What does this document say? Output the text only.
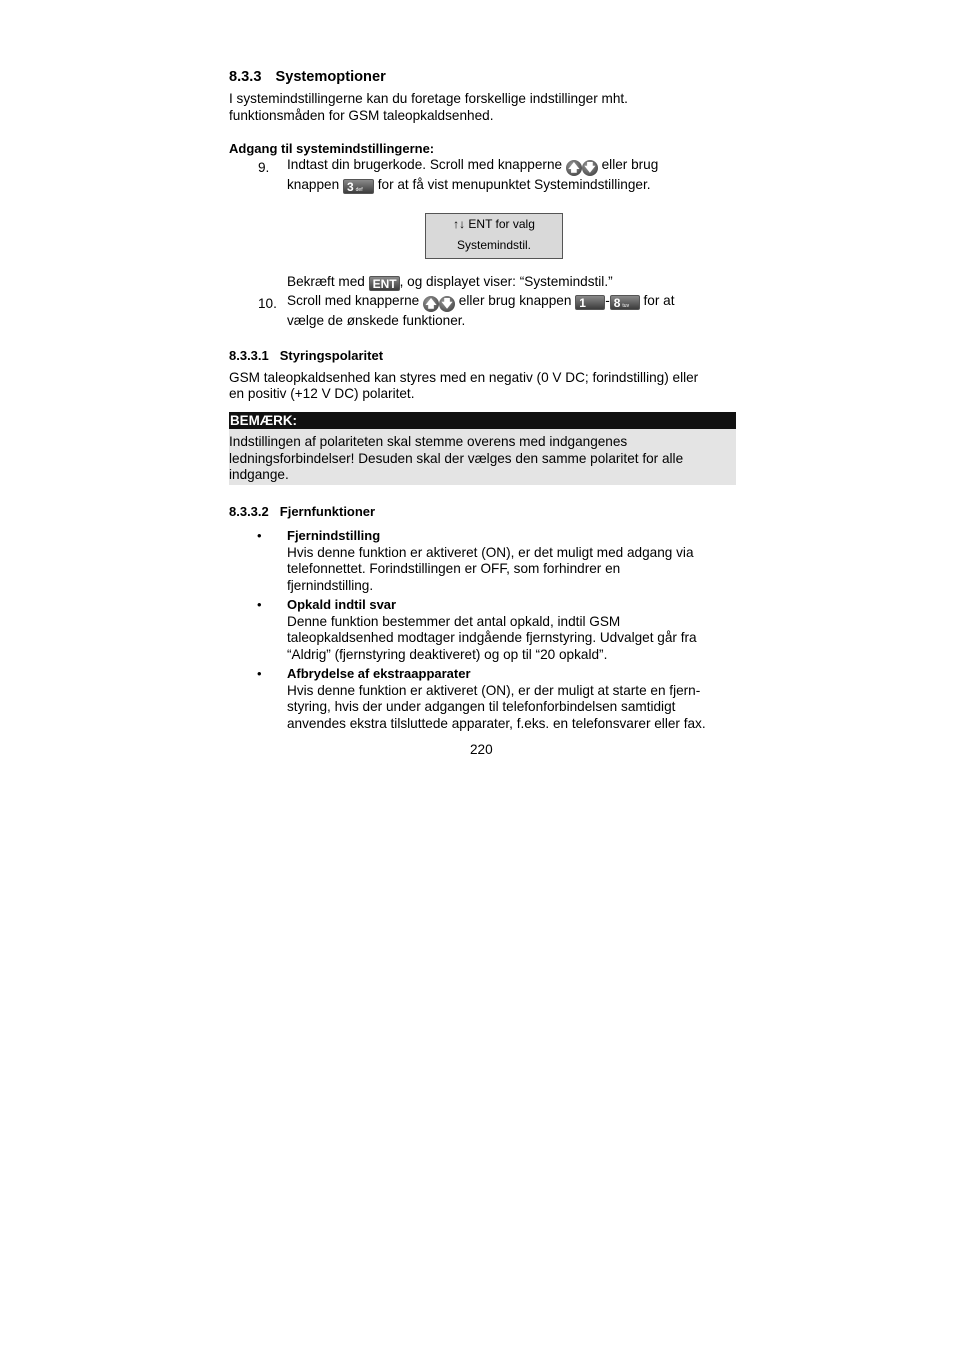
8.3.3 Systemoptioner

I systemindstillingerne kan du foretage forskellige indstillinger mht.

funktionsmåden for GSM taleopkaldsenhed.

Adgang til systemindstillingerne:

9. Indtast din brugerkode. Scroll med knapperne 🡅 🡇 eller brug

knappen 3 def for at få vist menupunktet Systemindstillinger.

↑↓ ENT for valg
Systemindstil.

Bekræft med ENT , og displayet viser: “Systemindstil.”

10. Scroll med knapperne 🡅 🡇 eller brug knappen 1 - 8 tuv for at

vælge de ønskede funktioner.

8.3.3.1 Styringspolaritet

GSM taleopkaldsenhed kan styres med en negativ (0 V DC; forindstilling) eller

en positiv (+12 V DC) polaritet.

BEMÆRK:

Indstillingen af polariteten skal stemme overens med indgangenes

ledningsforbindelser! Desuden skal der vælges den samme polaritet for alle

indgange.

8.3.3.2 Fjernfunktioner

• Fjernindstilling

Hvis denne funktion er aktiveret (ON), er det muligt med adgang via

telefonnettet. Forindstillingen er OFF, som forhindrer en

fjernindstilling.

• Opkald indtil svar

Denne funktion bestemmer det antal opkald, indtil GSM

taleopkaldsenhed modtager indgående fjernstyring. Udvalget går fra

“Aldrig” (fjernstyring deaktiveret) og op til “20 opkald”.

• Afbrydelse af ekstraapparater

Hvis denne funktion er aktiveret (ON), er der muligt at starte en fjern-

styring, hvis der under adgangen til telefonforbindelsen samtidigt

anvendes ekstra tilsluttede apparater, f.eks. en telefonsvarer eller fax.

220
